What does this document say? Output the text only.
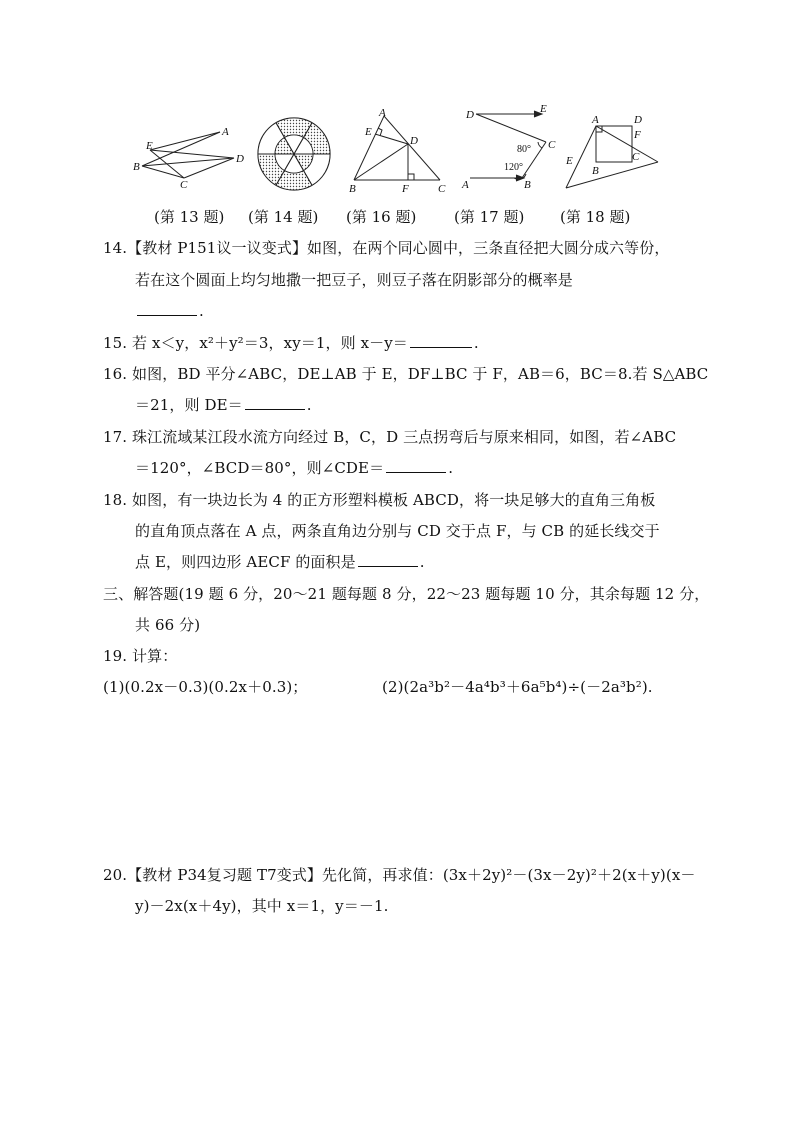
A
B
C
D
E
A
B	C
D
E
F
D	E
C
A	B
80°
120°
A	D
F
C
B
E
(第 13 题) (第 14 题) (第 16 题)	(第 17 题) (第 18 题)
14.【教材 P151议一议变式】如图，在两个同心圆中，三条直径把大圆分成六等份，
若在这个圆面上均匀地撒一把豆子，则豆子落在阴影部分的概率是
.
15. 若 x＜y，x²＋y²＝3，xy＝1，则 x－y＝	.
16. 如图，BD 平分∠ABC，DE⊥AB 于 E，DF⊥BC 于 F，AB＝6，BC＝8.若 S△ABC
＝21，则 DE＝	.
17. 珠江流域某江段水流方向经过 B，C，D 三点拐弯后与原来相同，如图，若∠ABC
＝120°，∠BCD＝80°，则∠CDE＝	.
18. 如图，有一块边长为 4 的正方形塑料模板 ABCD，将一块足够大的直角三角板
的直角顶点落在 A 点，两条直角边分别与 CD 交于点 F，与 CB 的延长线交于
点 E，则四边形 AECF 的面积是	.
三、解答题(19 题 6 分，20～21 题每题 8 分，22～23 题每题 10 分，其余每题 12 分，
共 66 分)
19. 计算：
(1)(0.2x－0.3)(0.2x＋0.3)；	(2)(2a³b²－4a⁴b³＋6a⁵b⁴)÷(－2a³b²).
20.【教材 P34复习题 T7变式】先化简，再求值：(3x＋2y)²－(3x－2y)²＋2(x＋y)(x－
y)－2x(x＋4y)，其中 x＝1，y＝－1.
